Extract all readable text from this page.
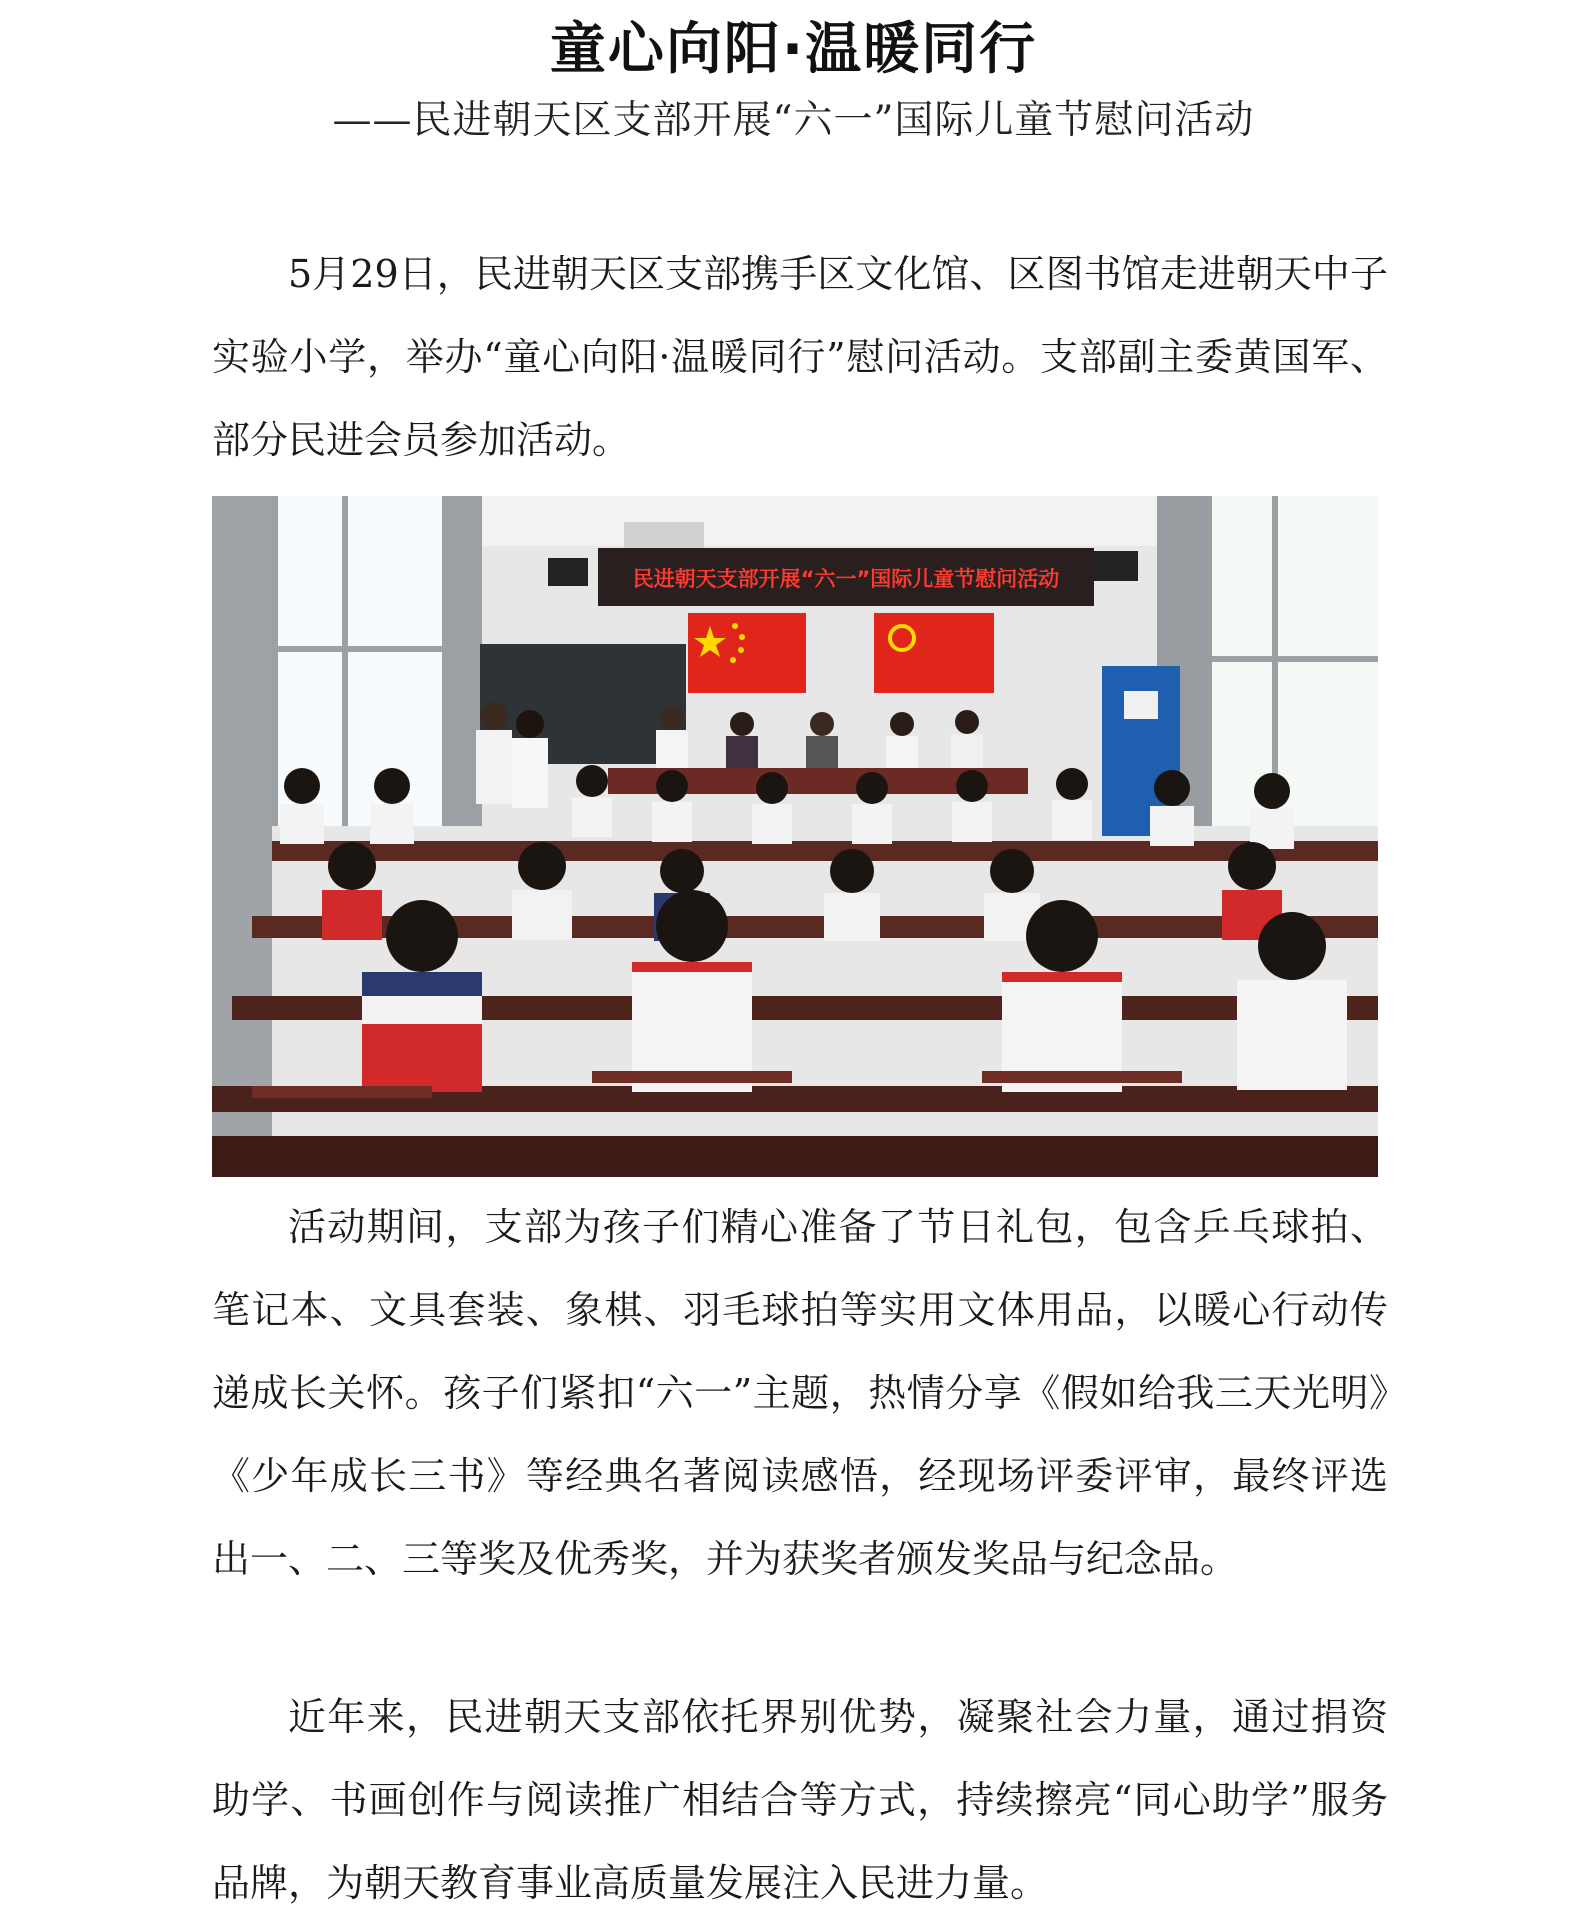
童心向阳·温暖同行
——民进朝天区支部开展“六一”国际儿童节慰问活动

5月29日，民进朝天区支部携手区文化馆、区图书馆走进朝天中子实验小学，举办“童心向阳·温暖同行”慰问活动。支部副主委黄国军、部分民进会员参加活动。

民进朝天支部开展“六一”国际儿童节慰问活动

活动期间，支部为孩子们精心准备了节日礼包，包含乒乓球拍、笔记本、文具套装、象棋、羽毛球拍等实用文体用品，以暖心行动传递成长关怀。孩子们紧扣“六一”主题，热情分享《假如给我三天光明》《少年成长三书》等经典名著阅读感悟，经现场评委评审，最终评选出一、二、三等奖及优秀奖，并为获奖者颁发奖品与纪念品。

近年来，民进朝天支部依托界别优势，凝聚社会力量，通过捐资助学、书画创作与阅读推广相结合等方式，持续擦亮“同心助学”服务品牌，为朝天教育事业高质量发展注入民进力量。
